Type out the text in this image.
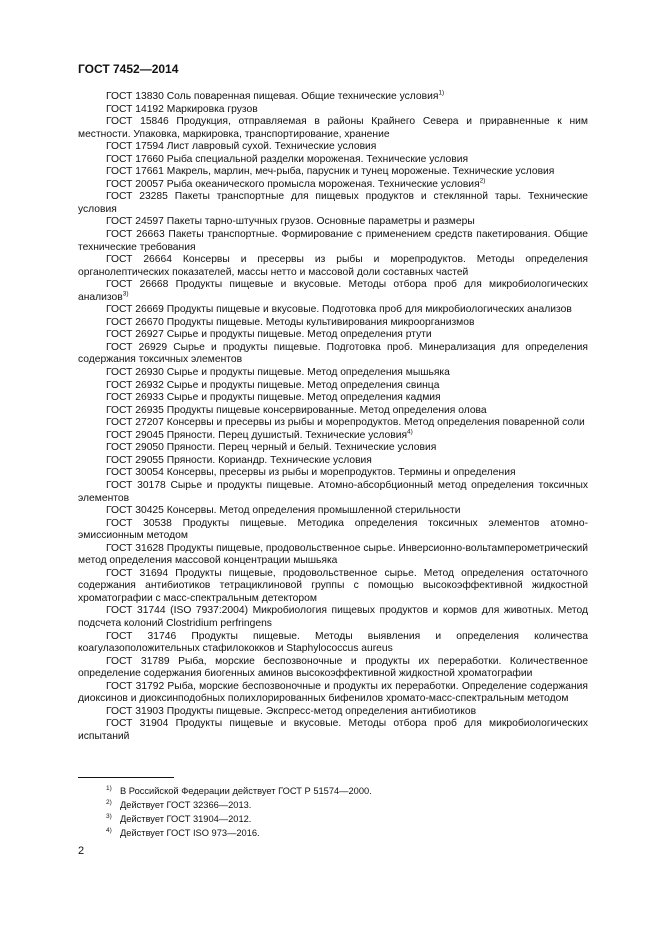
ГОСТ 7452—2014

ГОСТ 13830 Соль поваренная пищевая. Общие технические условия$^{1)}$

ГОСТ 14192 Маркировка грузов

ГОСТ 15846 Продукция, отправляемая в районы Крайнего Севера и приравненные к ним местности. Упаковка, маркировка, транспортирование, хранение

ГОСТ 17594 Лист лавровый сухой. Технические условия

ГОСТ 17660 Рыба специальной разделки мороженая. Технические условия

ГОСТ 17661 Макрель, марлин, меч-рыба, парусник и тунец мороженые. Технические условия

ГОСТ 20057 Рыба океанического промысла мороженая. Технические условия$^{2)}$

ГОСТ 23285 Пакеты транспортные для пищевых продуктов и стеклянной тары. Технические условия

ГОСТ 24597 Пакеты тарно-штучных грузов. Основные параметры и размеры

ГОСТ 26663 Пакеты транспортные. Формирование с применением средств пакетирования. Общие технические требования

ГОСТ 26664 Консервы и пресервы из рыбы и морепродуктов. Методы определения органолептических показателей, массы нетто и массовой доли составных частей

ГОСТ 26668 Продукты пищевые и вкусовые. Методы отбора проб для микробиологических анализов$^{3)}$

ГОСТ 26669 Продукты пищевые и вкусовые. Подготовка проб для микробиологических анализов

ГОСТ 26670 Продукты пищевые. Методы культивирования микроорганизмов

ГОСТ 26927 Сырье и продукты пищевые. Метод определения ртути

ГОСТ 26929 Сырье и продукты пищевые. Подготовка проб. Минерализация для определения содержания токсичных элементов

ГОСТ 26930 Сырье и продукты пищевые. Метод определения мышьяка

ГОСТ 26932 Сырье и продукты пищевые. Метод определения свинца

ГОСТ 26933 Сырье и продукты пищевые. Метод определения кадмия

ГОСТ 26935 Продукты пищевые консервированные. Метод определения олова

ГОСТ 27207 Консервы и пресервы из рыбы и морепродуктов. Метод определения поваренной соли

ГОСТ 29045 Пряности. Перец душистый. Технические условия$^{4)}$

ГОСТ 29050 Пряности. Перец черный и белый. Технические условия

ГОСТ 29055 Пряности. Кориандр. Технические условия

ГОСТ 30054 Консервы, пресервы из рыбы и морепродуктов. Термины и определения

ГОСТ 30178 Сырье и продукты пищевые. Атомно-абсорбционный метод определения токсичных элементов

ГОСТ 30425 Консервы. Метод определения промышленной стерильности

ГОСТ 30538 Продукты пищевые. Методика определения токсичных элементов атомно-эмиссионным методом

ГОСТ 31628 Продукты пищевые, продовольственное сырье. Инверсионно-вольтамперометрический метод определения массовой концентрации мышьяка

ГОСТ 31694 Продукты пищевые, продовольственное сырье. Метод определения остаточного содержания антибиотиков тетрациклиновой группы с помощью высокоэффективной жидкостной хроматографии с масс-спектральным детектором

ГОСТ 31744 (ISO 7937:2004) Микробиология пищевых продуктов и кормов для животных. Метод подсчета колоний Clostridium perfringens

ГОСТ 31746 Продукты пищевые. Методы выявления и определения количества коагулазоположительных стафилококков и Staphylococcus aureus

ГОСТ 31789 Рыба, морские беспозвоночные и продукты их переработки. Количественное определение содержания биогенных аминов высокоэффективной жидкостной хроматографии

ГОСТ 31792 Рыба, морские беспозвоночные и продукты их переработки. Определение содержания диоксинов и диоксинподобных полихлорированных бифенилов хромато-масс-спектральным методом

ГОСТ 31903 Продукты пищевые. Экспресс-метод определения антибиотиков

ГОСТ 31904 Продукты пищевые и вкусовые. Методы отбора проб для микробиологических испытаний

$^{1)}$ В Российской Федерации действует ГОСТ Р 51574—2000.

$^{2)}$ Действует ГОСТ 32366—2013.

$^{3)}$ Действует ГОСТ 31904—2012.

$^{4)}$ Действует ГОСТ ISO 973—2016.

2
